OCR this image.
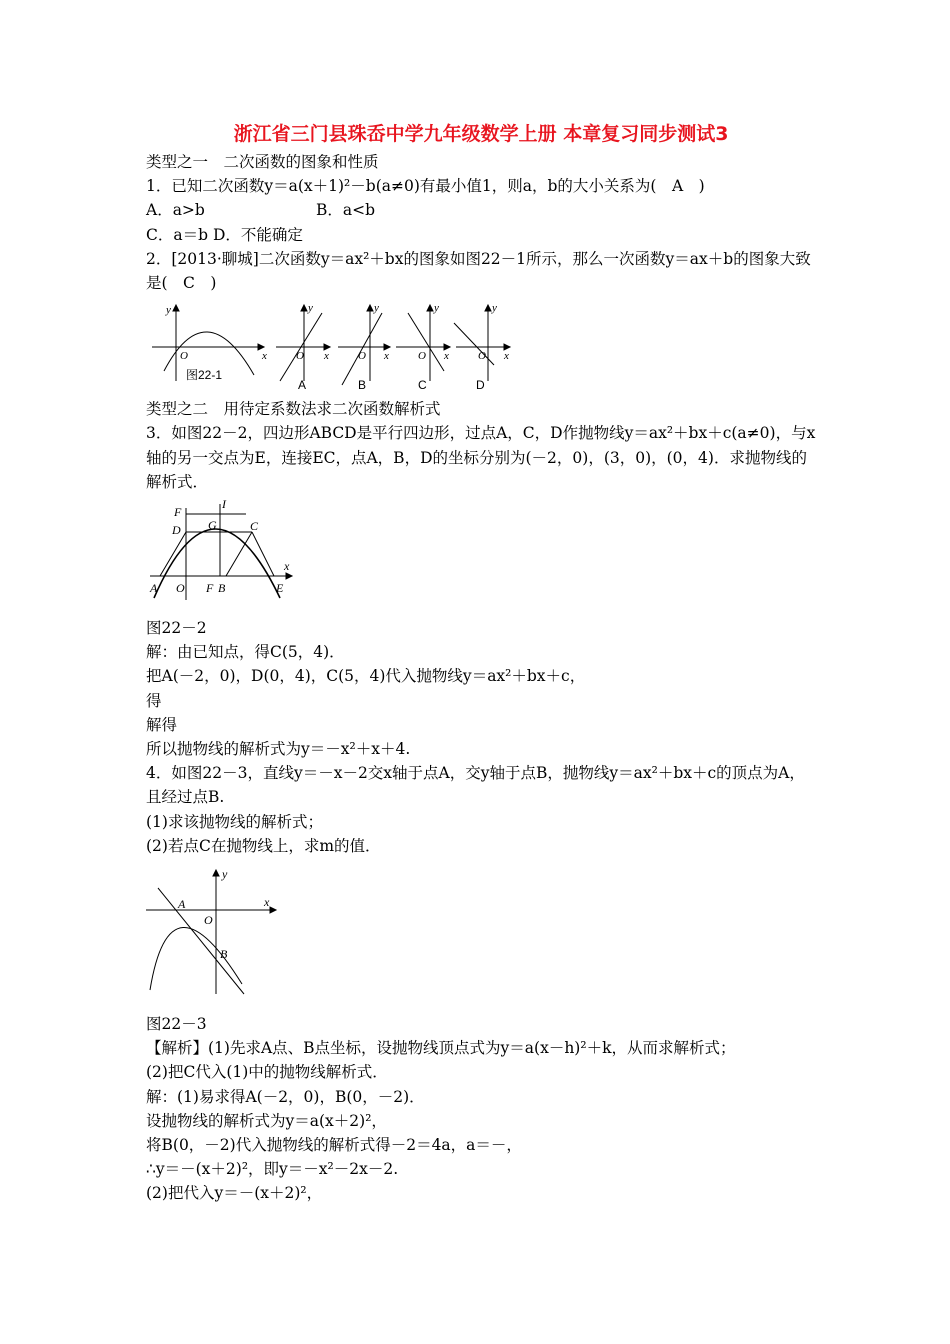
浙江省三门县珠岙中学九年级数学上册 本章复习同步测试3
类型之一　二次函数的图象和性质
1．已知二次函数y＝a(x＋1)²－b(a≠0)有最小值1，则a，b的大小关系为(　A　)
A．a>b	B．a<b
C．a＝b D．不能确定
2．[2013·聊城]二次函数y＝ax²＋bx的图象如图22－1所示，那么一次函数y＝ax＋b的图象大致是(　C　)
y
O	x	O x
y
O x
y
O x
y
O x
y
图22-1
A	B	C	D
类型之二　用待定系数法求二次函数解析式
3．如图22－2，四边形ABCD是平行四边形，过点A，C，D作抛物线y＝ax²＋bx＋c(a≠0)，与x轴的另一交点为E，连接EC，点A，B，D的坐标分别为(－2，0)，(3，0)，(0，4)．求抛物线的解析式．
I
F
G	C
D
A O F B	E
x
图22－2
解：由已知点，得C(5，4)．
把A(－2，0)，D(0，4)，C(5，4)代入抛物线y＝ax²＋bx＋c，
得
解得
所以抛物线的解析式为y＝－x²＋x＋4.
4．如图22－3，直线y＝－x－2交x轴于点A，交y轴于点B，抛物线y＝ax²＋bx＋c的顶点为A，且经过点B.
(1)求该抛物线的解析式；
(2)若点C在抛物线上，求m的值．
y
x
A
O
B
图22－3
【解析】(1)先求A点、B点坐标，设抛物线顶点式为y＝a(x－h)²＋k，从而求解析式；
(2)把C代入(1)中的抛物线解析式．
解：(1)易求得A(－2，0)，B(0，－2)．
设抛物线的解析式为y＝a(x＋2)²，
将B(0，－2)代入抛物线的解析式得－2＝4a，a＝－，
∴y＝－(x＋2)²，即y＝－x²－2x－2.
(2)把代入y＝－(x＋2)²，
